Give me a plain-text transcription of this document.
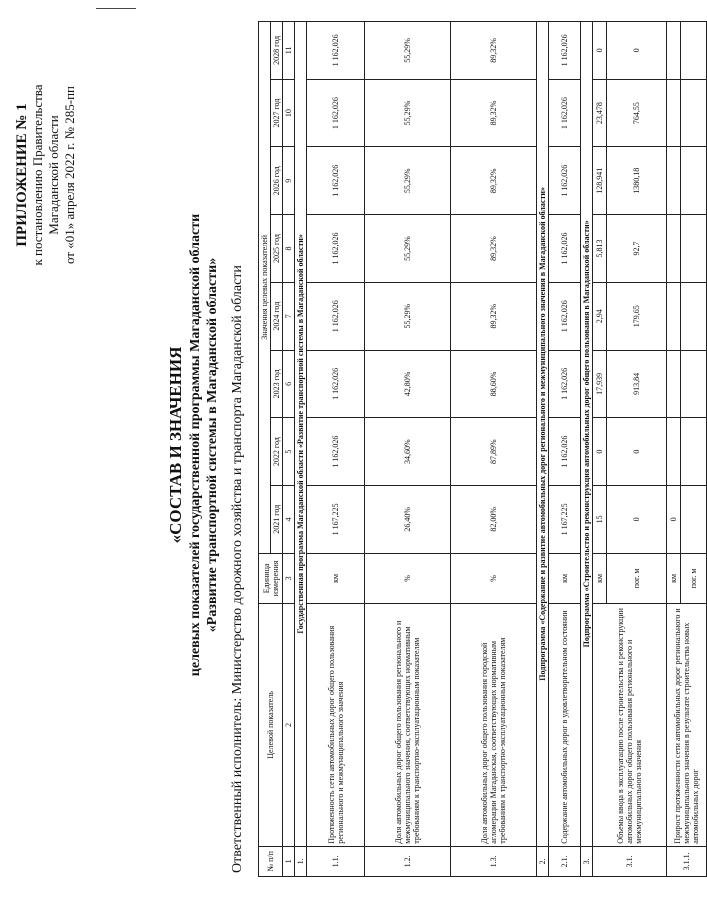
ПРИЛОЖЕНИЕ № 1 к постановлению Правительства Магаданской области от «01» апреля 2022 г. № 285-пп
«СОСТАВ И ЗНАЧЕНИЯ целевых показателей государственной программы Магаданской области «Развитие транспортной системы в Магаданской области» Ответственный исполнитель: Министерство дорожного хозяйства и транспорта Магаданской области	№ п/п	Целевой показатель	Единица измерения	Значения целевых показателей							
			2021 год	2022 год	2023 год	2024 год	2025 год	2026 год	2027 год	2028 год
1	2	3	4	5	6	7	8	9	10	11
1.	Государственная программа Магаданской области «Развитие транспортной системы в Магаданской области»									
1.1.	Протяженность сети автомобильных дорог общего пользования регионального и межмуниципального значения	км	1 167,225	1 162,026	1 162,026	1 162,026	1 162,026	1 162,026	1 162,026	1 162,026
1.2.	Доля автомобильных дорог общего пользования регионального и межмуниципального значения, соответствующих нормативным требованиям к транспортно-эксплуатационным показателям	%	26,40%	34,60%	42,80%	55,29%	55,29%	55,29%	55,29%	55,29%
1.3.	Доля автомобильных дорог общего пользования городской агломерации Магаданская, соответствующих нормативным требованиям к транспортно-эксплуатационным показателям	%	82,00%	87,89%	88,60%	89,32%	89,32%	89,32%	89,32%	89,32%
2.	Подпрограмма «Содержание и развитие автомобильных дорог регионального и межмуниципального значения в Магаданской области»									
2.1.	Содержание автомобильных дорог в удовлетворительном состоянии	км	1 167,225	1 162,026	1 162,026	1 162,026	1 162,026	1 162,026	1 162,026	1 162,026
3.	Подпрограмма «Строительство и реконструкция автомобильных дорог общего пользования в Магаданской области»									
3.1.	Объемы ввода в эксплуатацию после строительства и реконструкции автомобильных дорог общего пользования регионального и межмуниципального значения	км	15	0	17,939	2,94	5,813	128,941	23,478	0
		пог. м	0	0	913,84	179,65	92,7	1380,18	764,55	0
3.1.1.	Прирост протяженности сети автомобильных дорог регионального и межмуниципального значения в результате строительства новых автомобильных дорог	км	0							
		пог. м								
